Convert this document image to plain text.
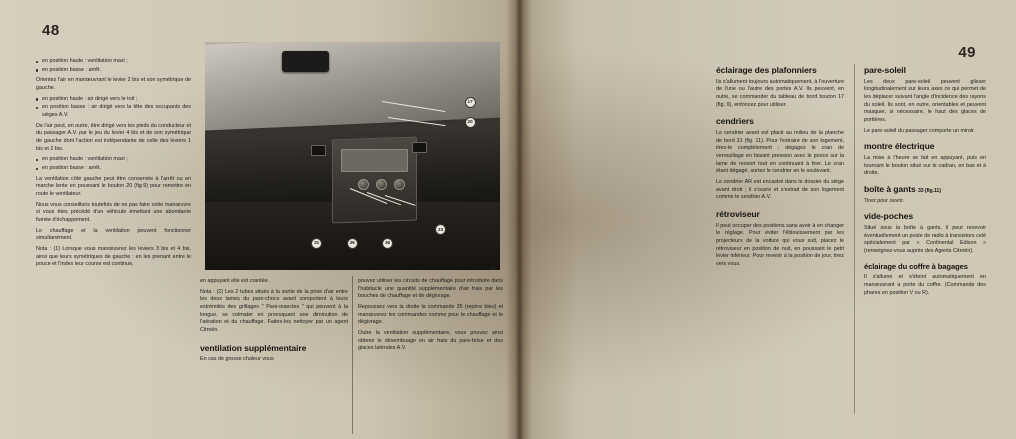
48
17
20
31	35	36
33
42
en position haute : ventilation maxi ;
en position basse : arrêt.

Orientez l'air en manœuvrant le levier 2 bis et son symétrique de gauche.

en position haute : air dirigé vers le toit ;
en position basse : air dirigé vers la tête des occupants des sièges A.V.

De l'air peut, en outre, être dirigé vers les pieds du conducteur et du passager A.V. par le jeu du levier 4 bis et de son symétrique de gauche dont l'action est indépendante de celle des leviers 1 bis et 2 bis.

en position haute : ventilation maxi ;
en position basse : arrêt.

La ventilation côté gauche peut être conservée à l'arrêt ou en marche lente en poussant le bouton 20 (fig.9) pour remettre en route le ventilateur.

Nous vous conseillons toutefois de ne pas faire cette manœuvre si vous êtes précédé d'un véhicule émettant une abondante fumée d'échappement.

Le chauffage et la ventilation peuvent fonctionner simultanément.

Nota : (1) Lorsque vous manœuvrez les leviers 3 bis et 4 bis, ainsi que leurs symétriques de gauche : en les prenant entre le pouce et l'index leur course est continue,

en appuyant elle est crantée.

Nota : (2) Les 2 tubes situés à la sortie de la prise d'air entre les deux lames du pare-chocs avant comportent à leurs extrémités des grillages " Pare-insectes " qui peuvent à la longue, se colmater en provoquant une diminution de l'aération et du chauffage. Faites-les nettoyer par un agent Citroën.

ventilation supplémentaire

En cas de grosse chaleur vous

pouvez utiliser les circuits de chauffage pour introduire dans l'habitacle une quantité supplémentaire d'air frais par les bouches de chauffage et de dégivrage.

Repoussez vers la droite la commande 35 (repère bleu) et manœuvrez les commandes comme pour le chauffage et le dégivrage.

Outre la ventilation supplémentaire, vous pouvez ainsi obtenir le désembuage en air frais du pare-brise et des glaces latérales A.V.

49
éclairage des plafonniers

Ils s'allument toujours automatiquement, à l'ouverture de l'une ou l'autre des portes A.V. Ils peuvent, en outre, se commander du tableau de bord bouton 17 (fig. 9), enfoncez pour utiliser.

cendriers

Le cendrier avant est placé au milieu de la planche de bord 31 (fig. 11). Pour l'extraire de son logement, tirez-le complètement ; dégagez le cran de verrouillage en faisant pression avec le pouce sur la lame de ressort tout en continuant à tirer. Le cran étant dégagé, sortez le cendrier en le soulevant.

Le cendrier AR est encastré dans le dossier du siège avant droit ; il s'ouvre et s'extrait de son logement comme le cendrier A.V.

rétroviseur

Il peut occuper des positions sans avoir à en changer le réglage. Pour éviter l'éblouissement par les projecteurs de la voiture qui vous suit, placez le rétroviseur en position de nuit, en poussant le petit levier inférieur. Pour revenir à la position de jour, tirez vers vous.

pare-soleil

Les deux pare-soleil peuvent glisser longitudinalement sur leurs axes ce qui permet de les déplacer suivant l'angle d'incidence des rayons du soleil. Ils sont, en outre, orientables et peuvent masquer, si nécessaire, le haut des glaces de portières.

Le pare-soleil du passager comporte un miroir.

montre électrique

La mise à l'heure se fait en appuyant, puis en tournant le bouton situé sur le cadran, en bas et à droite.

boîte à gants 33 (fig.11)

Tirez pour ouvrir.

vide-poches

Situé sous la boîte à gants, il peut recevoir éventuellement un poste de radio à transistors celé spécialement par « Continental Edison » (renseignez-vous auprès des Agents Citroën).

éclairage du coffre à bagages

Il s'allume et s'éteint automatiquement en manœuvrant a porte du coffre. (Commande des phares en position V ou R).
